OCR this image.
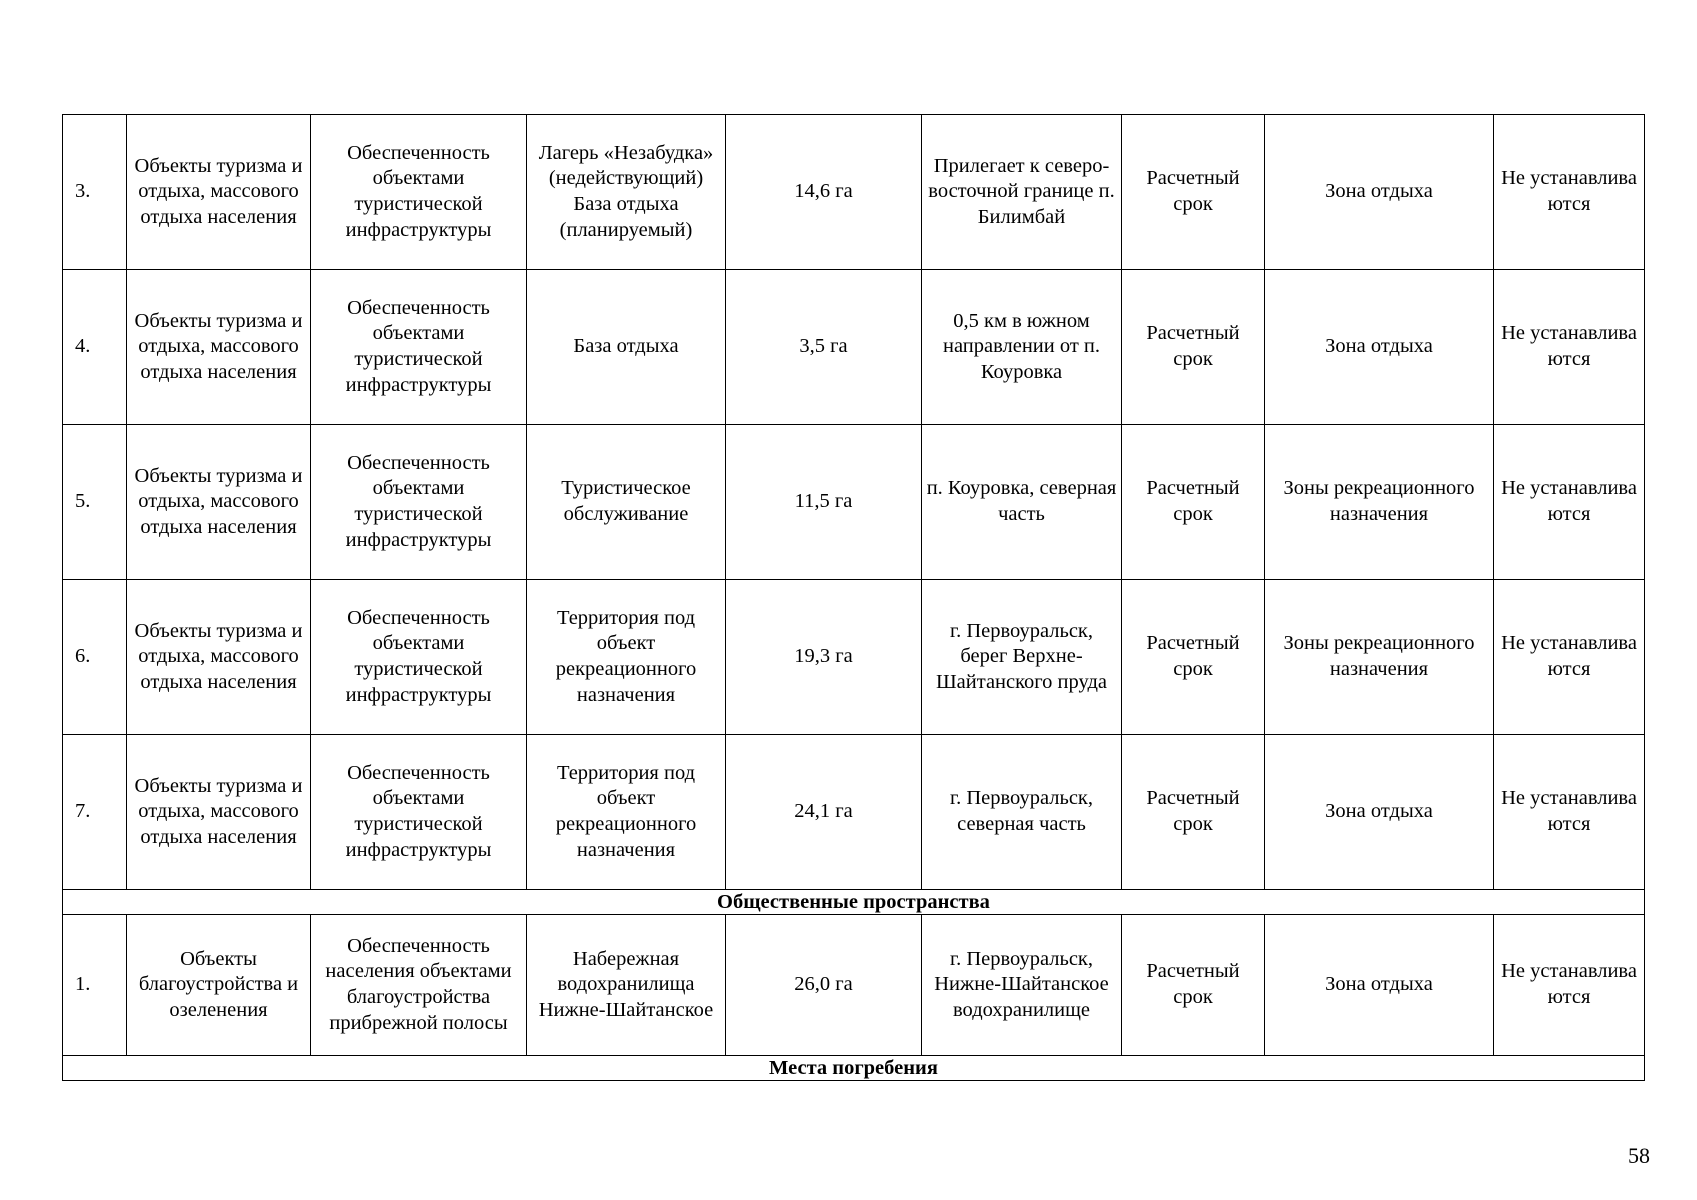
3.	Объекты туризма и отдыха, массового отдыха населения	Обеспеченность объектами туристической инфраструктуры	Лагерь «Незабудка» (недействующий) База отдыха (планируемый)	14,6 га	Прилегает к северо-восточной границе п. Билимбай	Расчетный срок	Зона отдыха	Не устанавлива ются
4.	Объекты туризма и отдыха, массового отдыха населения	Обеспеченность объектами туристической инфраструктуры	База отдыха	3,5 га	0,5 км в южном направлении от п. Коуровка	Расчетный срок	Зона отдыха	Не устанавлива ются
5.	Объекты туризма и отдыха, массового отдыха населения	Обеспеченность объектами туристической инфраструктуры	Туристическое обслуживание	11,5 га	п. Коуровка, северная часть	Расчетный срок	Зоны рекреационного назначения	Не устанавлива ются
6.	Объекты туризма и отдыха, массового отдыха населения	Обеспеченность объектами туристической инфраструктуры	Территория под объект рекреационного назначения	19,3 га	г. Первоуральск, берег Верхне-Шайтанского пруда	Расчетный срок	Зоны рекреационного назначения	Не устанавлива ются
7.	Объекты туризма и отдыха, массового отдыха населения	Обеспеченность объектами туристической инфраструктуры	Территория под объект рекреационного назначения	24,1 га	г. Первоуральск, северная часть	Расчетный срок	Зона отдыха	Не устанавлива ются
Общественные пространства								
1.	Объекты благоустройства и озеленения	Обеспеченность населения объектами благоустройства прибрежной полосы	Набережная водохранилища Нижне-Шайтанское	26,0 га	г. Первоуральск, Нижне-Шайтанское водохранилище	Расчетный срок	Зона отдыха	Не устанавлива ются
Места погребения								
58
